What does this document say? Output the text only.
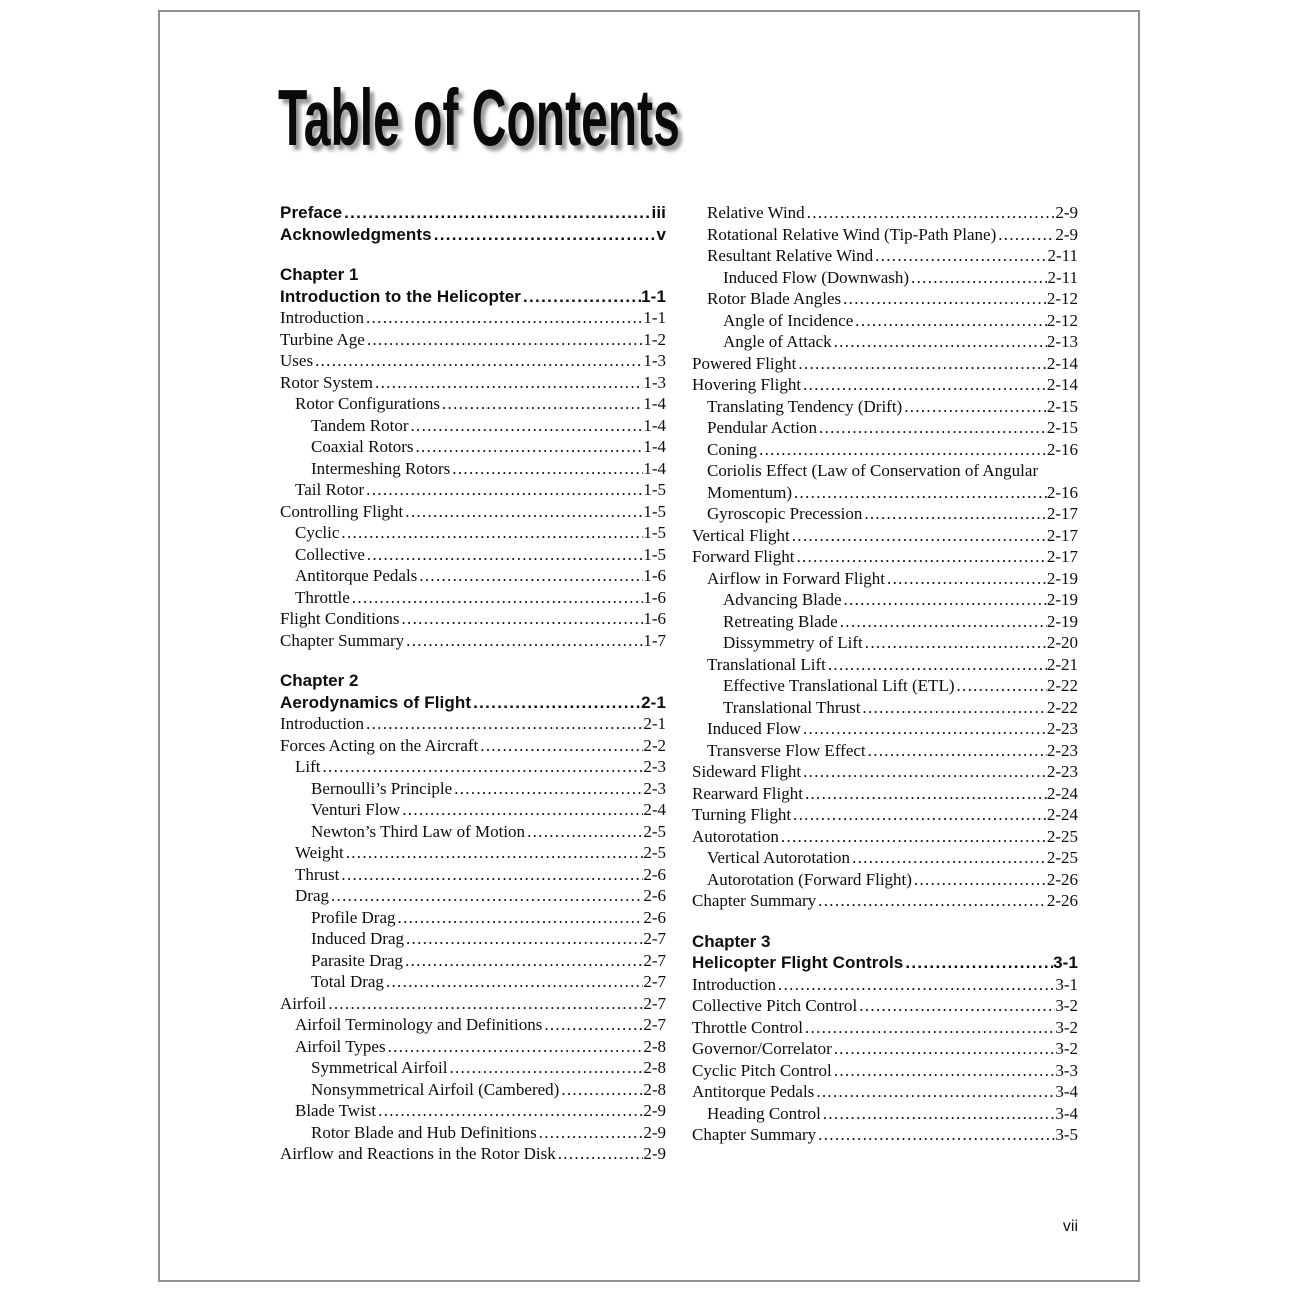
Table of Contents
Preface .....	iii
Acknowledgments .....	v
Chapter 1
Introduction to the Helicopter .....	1-1
Introduction .....	1-1
Turbine Age .....	1-2
Uses .....	1-3
Rotor System .....	1-3
Rotor Configurations .....	1-4
Tandem Rotor .....	1-4
Coaxial Rotors .....	1-4
Intermeshing Rotors .....	1-4
Tail Rotor .....	1-5
Controlling Flight .....	1-5
Cyclic .....	1-5
Collective .....	1-5
Antitorque Pedals .....	1-6
Throttle .....	1-6
Flight Conditions .....	1-6
Chapter Summary .....	1-7
Chapter 2
Aerodynamics of Flight .....	2-1
Introduction .....	2-1
Forces Acting on the Aircraft .....	2-2
Lift .....	2-3
Bernoulli’s Principle .....	2-3
Venturi Flow .....	2-4
Newton’s Third Law of Motion .....	2-5
Weight .....	2-5
Thrust .....	2-6
Drag .....	2-6
Profile Drag .....	2-6
Induced Drag .....	2-7
Parasite Drag .....	2-7
Total Drag .....	2-7
Airfoil .....	2-7
Airfoil Terminology and Definitions .....	2-7
Airfoil Types .....	2-8
Symmetrical Airfoil .....	2-8
Nonsymmetrical Airfoil (Cambered) .....	2-8
Blade Twist .....	2-9
Rotor Blade and Hub Definitions .....	2-9
Airflow and Reactions in the Rotor Disk .....	2-9
Relative Wind .....	2-9
Rotational Relative Wind (Tip-Path Plane) .....	2-9
Resultant Relative Wind .....	2-11
Induced Flow (Downwash) .....	2-11
Rotor Blade Angles .....	2-12
Angle of Incidence .....	2-12
Angle of Attack .....	2-13
Powered Flight .....	2-14
Hovering Flight .....	2-14
Translating Tendency (Drift) .....	2-15
Pendular Action .....	2-15
Coning .....	2-16
Coriolis Effect (Law of Conservation of Angular
Momentum) .....	2-16
Gyroscopic Precession .....	2-17
Vertical Flight .....	2-17
Forward Flight .....	2-17
Airflow in Forward Flight .....	2-19
Advancing Blade .....	2-19
Retreating Blade .....	2-19
Dissymmetry of Lift .....	2-20
Translational Lift .....	2-21
Effective Translational Lift (ETL) .....	2-22
Translational Thrust .....	2-22
Induced Flow .....	2-23
Transverse Flow Effect .....	2-23
Sideward Flight .....	2-23
Rearward Flight .....	2-24
Turning Flight .....	2-24
Autorotation .....	2-25
Vertical Autorotation .....	2-25
Autorotation (Forward Flight) .....	2-26
Chapter Summary .....	2-26
Chapter 3
Helicopter Flight Controls .....	3-1
Introduction .....	3-1
Collective Pitch Control .....	3-2
Throttle Control .....	3-2
Governor/Correlator .....	3-2
Cyclic Pitch Control .....	3-3
Antitorque Pedals .....	3-4
Heading Control .....	3-4
Chapter Summary .....	3-5
vii
